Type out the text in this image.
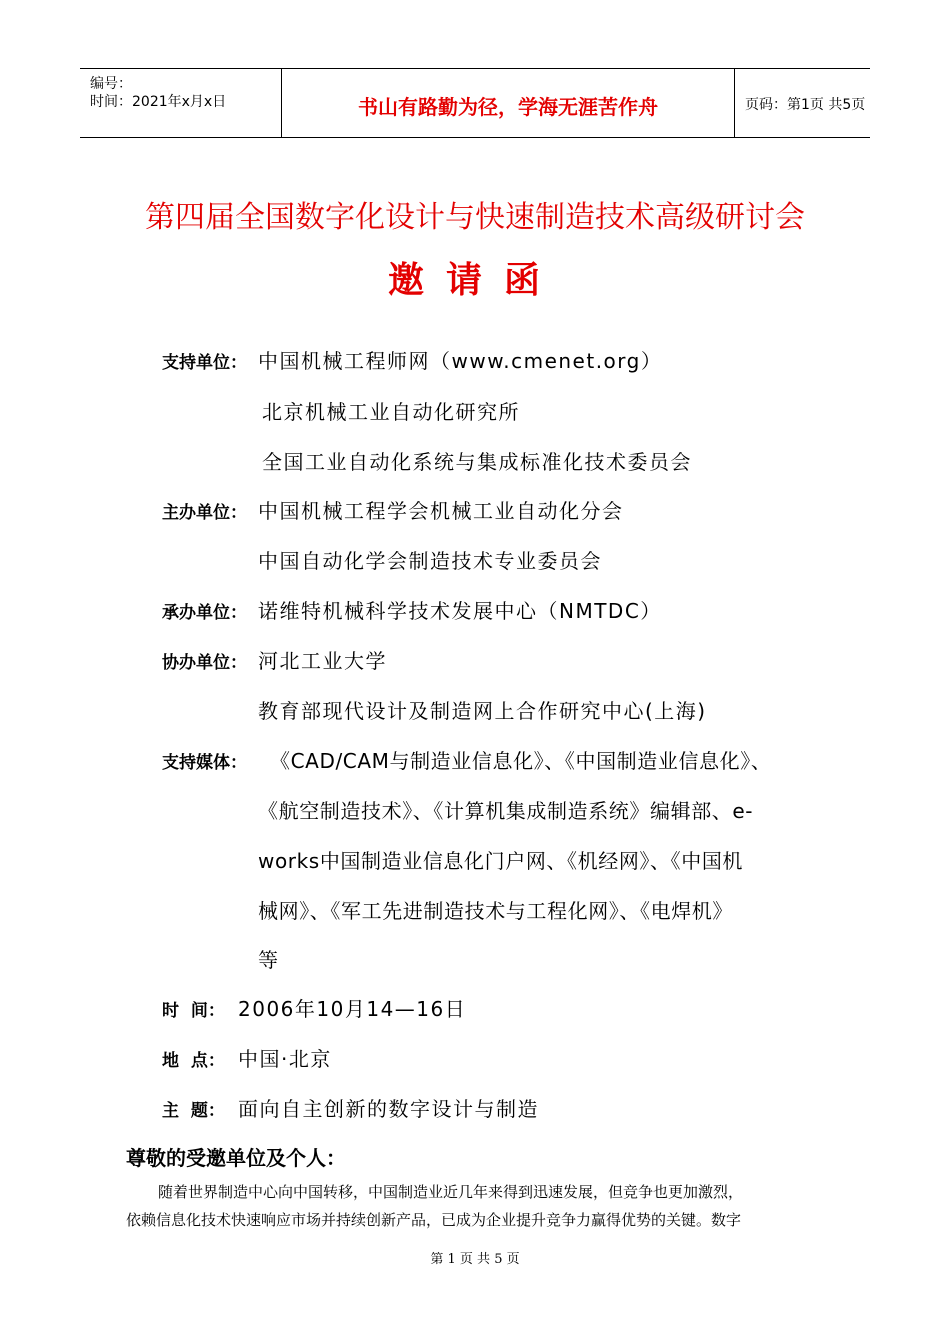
编号：
时间：2021年x月x日	书山有路勤为径，学海无涯苦作舟	页码：第1页 共5页
第四届全国数字化设计与快速制造技术高级研讨会
邀请函
支持单位： 中国机械工程师网（www.cmenet.org）
北京机械工业自动化研究所
全国工业自动化系统与集成标准化技术委员会
主办单位： 中国机械工程学会机械工业自动化分会
中国自动化学会制造技术专业委员会
承办单位： 诺维特机械科学技术发展中心（NMTDC）
协办单位： 河北工业大学
教育部现代设计及制造网上合作研究中心(上海)
支持媒体： 《CAD/CAM与制造业信息化》、《中国制造业信息化》、
《航空制造技术》、《计算机集成制造系统》编辑部、e-
works中国制造业信息化门户网、《机经网》、《中国机
械网》、《军工先进制造技术与工程化网》、《电焊机》
等
时  间： 2006年10月14—16日
地  点： 中国·北京
主  题： 面向自主创新的数字设计与制造
尊敬的受邀单位及个人：
随着世界制造中心向中国转移，中国制造业近几年来得到迅速发展，但竞争也更加激烈，
依赖信息化技术快速响应市场并持续创新产品，已成为企业提升竞争力赢得优势的关键。数字
第 1 页 共 5 页
